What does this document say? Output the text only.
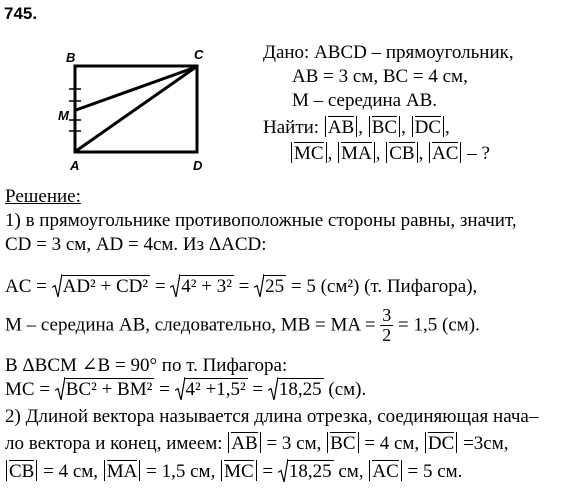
745.
B	C
M
A	D
Дано: ABCD – прямоугольник,
AB = 3 см, BC = 4 см,
M – середина AB.
Найти: AB , BC , DC ,
MC , MA , CB , AC – ?
Решение:
1) в прямоугольнике противоположные стороны равны, значит,
CD = 3 см, AD = 4см. Из ΔACD:
AC = AD² + CD² = 4² + 3² = 25 = 5 (см²) (т. Пифагора),
M – середина AB, следовательно, MB = MA = $\frac{3}{2} = 1,5$ (см).
В ΔBCM ∠B = 90° по т. Пифагора:
MC = BC² + BM² = 4² +1,5² = 18,25 (см).
2) Длиной вектора называется длина отрезка, соединяющая нача–
ло вектора и конец, имеем: AB = 3 см, BC = 4 см, DC =3см,
CB = 4 см, MA = 1,5 см, MC = 18,25 см, AC = 5 см.
